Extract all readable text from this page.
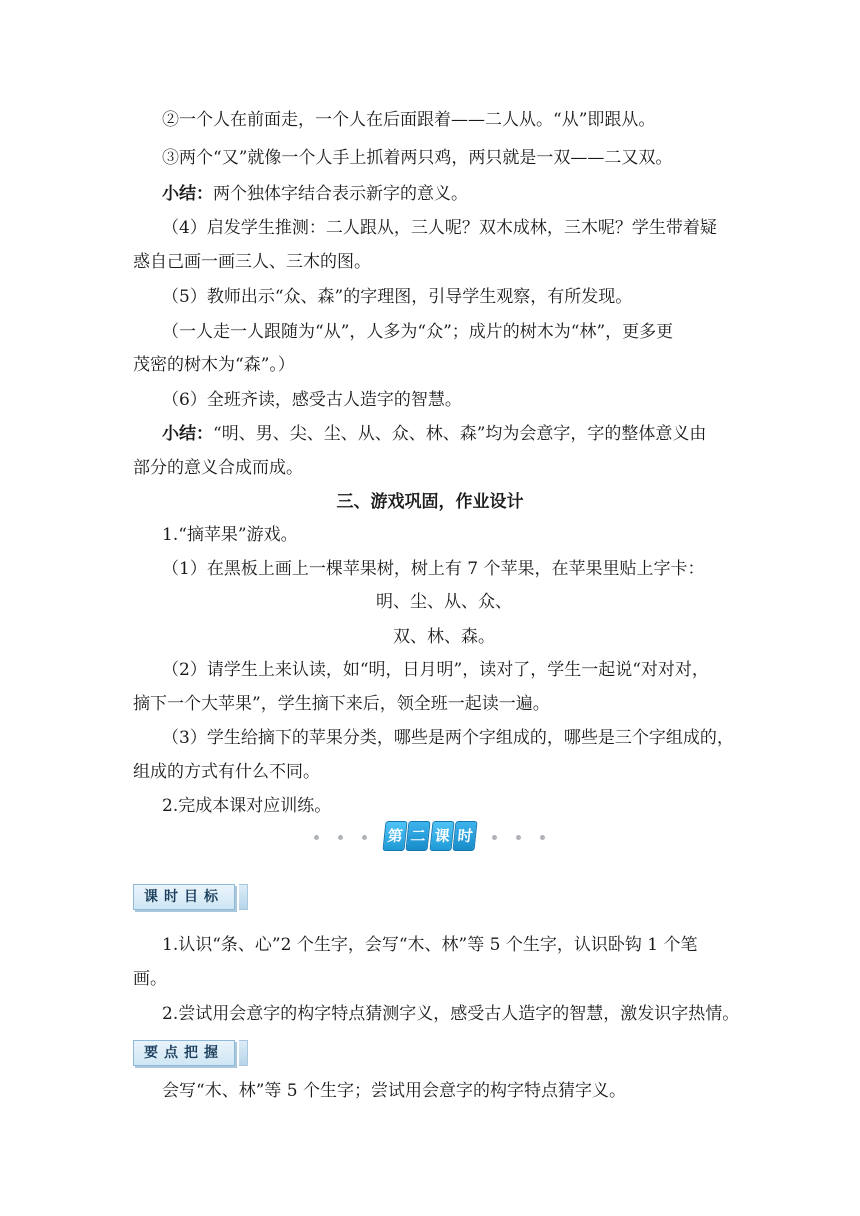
②一个人在前面走，一个人在后面跟着——二人从。“从”即跟从。
③两个“又”就像一个人手上抓着两只鸡，两只就是一双——二又双。
小结：两个独体字结合表示新字的意义。
（4）启发学生推测：二人跟从，三人呢？双木成林，三木呢？学生带着疑
惑自己画一画三人、三木的图。
（5）教师出示“众、森”的字理图，引导学生观察，有所发现。
（一人走一人跟随为“从”，人多为“众”；成片的树木为“林”，更多更
茂密的树木为“森”。）
（6）全班齐读，感受古人造字的智慧。
小结：“明、男、尖、尘、从、众、林、森”均为会意字，字的整体意义由
部分的意义合成而成。
三、游戏巩固，作业设计
1.“摘苹果”游戏。
（1）在黑板上画上一棵苹果树，树上有 7 个苹果，在苹果里贴上字卡：
明、尘、从、众、
双、林、森。
（2）请学生上来认读，如“明，日月明”，读对了，学生一起说“对对对，
摘下一个大苹果”，学生摘下来后，领全班一起读一遍。
（3）学生给摘下的苹果分类，哪些是两个字组成的，哪些是三个字组成的，
组成的方式有什么不同。
2.完成本课对应训练。
第 二 课 时
课时目标
1.认识“条、心”2 个生字，会写“木、林”等 5 个生字，认识卧钩 1 个笔
画。
2.尝试用会意字的构字特点猜测字义，感受古人造字的智慧，激发识字热情。
要点把握
会写“木、林”等 5 个生字；尝试用会意字的构字特点猜字义。
